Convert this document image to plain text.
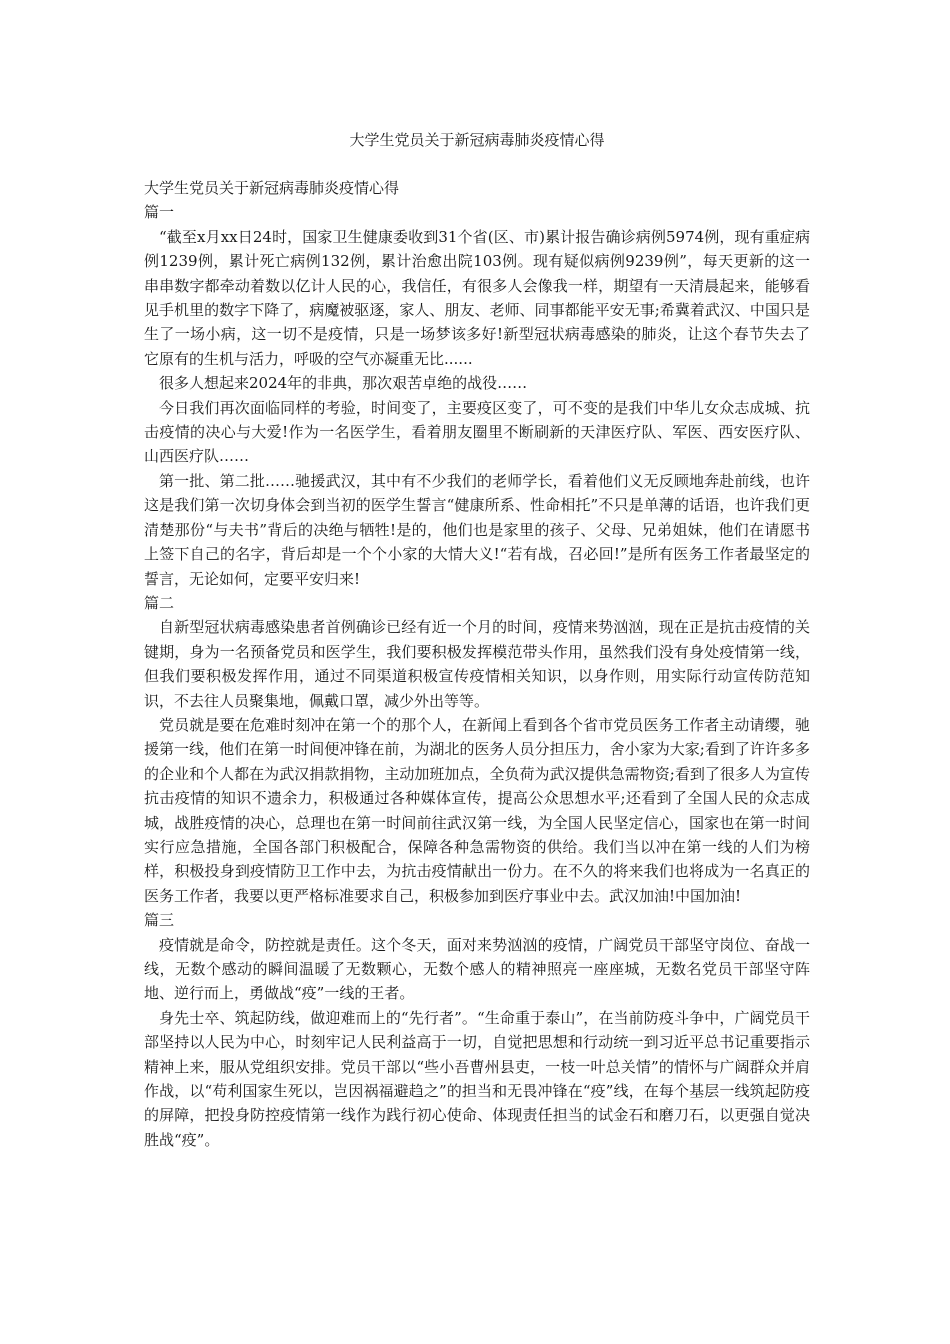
大学生党员关于新冠病毒肺炎疫情心得

大学生党员关于新冠病毒肺炎疫情心得

篇一

“截至x月xx日24时，国家卫生健康委收到31个省(区、市)累计报告确诊病例5974例，现有重症病例1239例，累计死亡病例132例，累计治愈出院103例。现有疑似病例9239例”，每天更新的这一串串数字都牵动着数以亿计人民的心，我信任，有很多人会像我一样，期望有一天清晨起来，能够看见手机里的数字下降了，病魔被驱逐，家人、朋友、老师、同事都能平安无事;希冀着武汉、中国只是生了一场小病，这一切不是疫情，只是一场梦该多好!新型冠状病毒感染的肺炎，让这个春节失去了它原有的生机与活力，呼吸的空气亦凝重无比......

很多人想起来2024年的非典，那次艰苦卓绝的战役……

今日我们再次面临同样的考验，时间变了，主要疫区变了，可不变的是我们中华儿女众志成城、抗击疫情的决心与大爱!作为一名医学生，看着朋友圈里不断刷新的天津医疗队、军医、西安医疗队、山西医疗队……

第一批、第二批……驰援武汉，其中有不少我们的老师学长，看着他们义无反顾地奔赴前线，也许这是我们第一次切身体会到当初的医学生誓言“健康所系、性命相托”不只是单薄的话语，也许我们更清楚那份“与夫书”背后的决绝与牺牲!是的，他们也是家里的孩子、父母、兄弟姐妹，他们在请愿书上签下自己的名字，背后却是一个个小家的大情大义!“若有战，召必回!”是所有医务工作者最坚定的誓言，无论如何，定要平安归来!

篇二

自新型冠状病毒感染患者首例确诊已经有近一个月的时间，疫情来势汹汹，现在正是抗击疫情的关键期，身为一名预备党员和医学生，我们要积极发挥模范带头作用，虽然我们没有身处疫情第一线，但我们要积极发挥作用，通过不同渠道积极宣传疫情相关知识，以身作则，用实际行动宣传防范知识，不去往人员聚集地，佩戴口罩，减少外出等等。

党员就是要在危难时刻冲在第一个的那个人，在新闻上看到各个省市党员医务工作者主动请缨，驰援第一线，他们在第一时间便冲锋在前，为湖北的医务人员分担压力，舍小家为大家;看到了许许多多的企业和个人都在为武汉捐款捐物，主动加班加点，全负荷为武汉提供急需物资;看到了很多人为宣传抗击疫情的知识不遗余力，积极通过各种媒体宣传，提高公众思想水平;还看到了全国人民的众志成城，战胜疫情的决心，总理也在第一时间前往武汉第一线，为全国人民坚定信心，国家也在第一时间实行应急措施，全国各部门积极配合，保障各种急需物资的供给。我们当以冲在第一线的人们为榜样，积极投身到疫情防卫工作中去，为抗击疫情献出一份力。在不久的将来我们也将成为一名真正的医务工作者，我要以更严格标准要求自己，积极参加到医疗事业中去。武汉加油!中国加油!

篇三

疫情就是命令，防控就是责任。这个冬天，面对来势汹汹的疫情，广阔党员干部坚守岗位、奋战一线，无数个感动的瞬间温暖了无数颗心，无数个感人的精神照亮一座座城，无数名党员干部坚守阵地、逆行而上，勇做战“疫”一线的王者。

身先士卒、筑起防线，做迎难而上的“先行者”。“生命重于泰山”，在当前防疫斗争中，广阔党员干部坚持以人民为中心，时刻牢记人民利益高于一切，自觉把思想和行动统一到习近平总书记重要指示精神上来，服从党组织安排。党员干部以“些小吾曹州县吏，一枝一叶总关情”的情怀与广阔群众并肩作战，以“苟利国家生死以，岂因祸福避趋之”的担当和无畏冲锋在“疫”线，在每个基层一线筑起防疫的屏障，把投身防控疫情第一线作为践行初心使命、体现责任担当的试金石和磨刀石，以更强自觉决胜战“疫”。
